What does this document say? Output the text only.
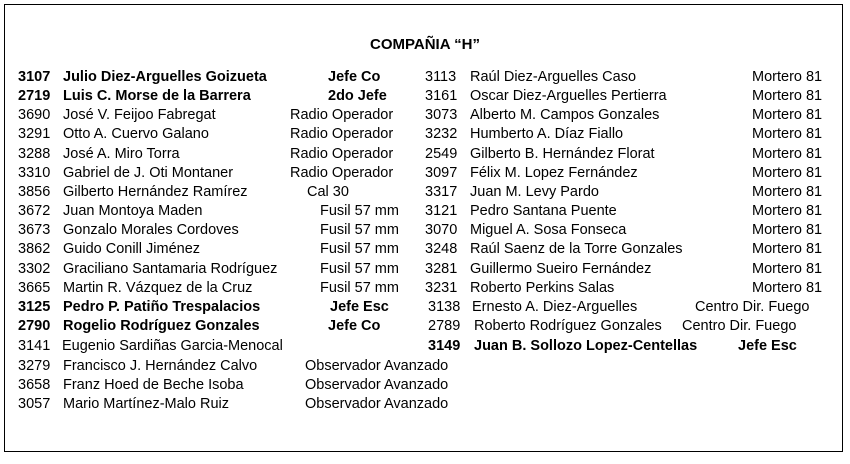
COMPAÑIA “H”
3107 Julio Diez-Arguelles Goizueta	Jefe Co
2719 Luis C. Morse de la Barrera	2do Jefe
3690 José V. Feijoo Fabregat	Radio Operador
3291 Otto A. Cuervo Galano	Radio Operador
3288 José A. Miro Torra	Radio Operador
3310 Gabriel de J. Oti Montaner	Radio Operador
3856 Gilberto Hernández Ramírez	Cal 30
3672 Juan Montoya Maden	Fusil 57 mm
3673 Gonzalo Morales Cordoves	Fusil 57 mm
3862 Guido Conill Jiménez	Fusil 57 mm
3302 Graciliano Santamaria Rodríguez	Fusil 57 mm
3665 Martin R. Vázquez de la Cruz	Fusil 57 mm
3125 Pedro P. Patiño Trespalacios	Jefe Esc
2790 Rogelio Rodríguez Gonzales	Jefe Co
3141 Eugenio Sardiñas Garcia-Menocal
3279 Francisco J. Hernández Calvo	Observador Avanzado
3658 Franz Hoed de Beche Isoba	Observador Avanzado
3057 Mario Martínez-Malo Ruiz	Observador Avanzado
3113 Raúl Diez-Arguelles Caso	Mortero 81
3161 Oscar Diez-Arguelles Pertierra	Mortero 81
3073 Alberto M. Campos Gonzales	Mortero 81
3232 Humberto A. Díaz Fiallo	Mortero 81
2549 Gilberto B. Hernández Florat	Mortero 81
3097 Félix M. Lopez Fernández	Mortero 81
3317 Juan M. Levy Pardo	Mortero 81
3121 Pedro Santana Puente	Mortero 81
3070 Miguel A. Sosa Fonseca	Mortero 81
3248 Raúl Saenz de la Torre Gonzales	Mortero 81
3281 Guillermo Sueiro Fernández	Mortero 81
3231 Roberto Perkins Salas	Mortero 81
3138 Ernesto A. Diez-Arguelles	Centro Dir. Fuego
2789 Roberto Rodríguez Gonzales Centro Dir. Fuego
3149 Juan B. Sollozo Lopez-Centellas	Jefe Esc
